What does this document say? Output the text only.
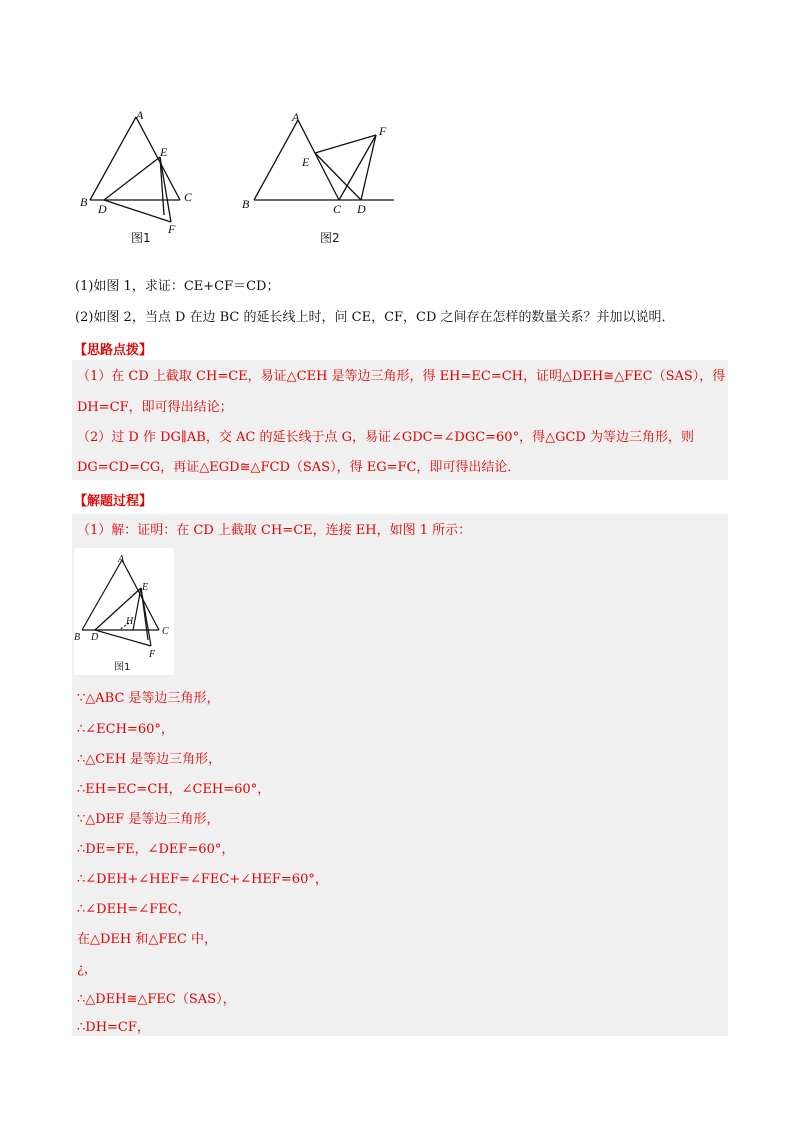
A
E
B D
C
F
图1
A
F
E
B	C D
图2
(1)如图 1，求证：CE+CF＝CD；
(2)如图 2，当点 D 在边 BC 的延长线上时，问 CE，CF，CD 之间存在怎样的数量关系？并加以说明．
【思路点拨】
（1）在 CD 上截取 CH=CE，易证△CEH 是等边三角形，得 EH=EC=CH，证明△DEH≅△FEC（SAS），得
DH=CF，即可得出结论；
（2）过 D 作 DG∥AB，交 AC 的延长线于点 G，易证∠GDC=∠DGC=60°，得△GCD 为等边三角形，则
DG=CD=CG，再证△EGD≅△FCD（SAS），得 EG=FC，即可得出结论．
【解题过程】
（1）解：证明：在 CD 上截取 CH=CE，连接 EH，如图 1 所示：
A
E
H
B D
C
F
图1
∵△ABC 是等边三角形，
∴∠ECH=60°，
∴△CEH 是等边三角形，
∴EH=EC=CH，∠CEH=60°，
∵△DEF 是等边三角形，
∴DE=FE，∠DEF=60°，
∴∠DEH+∠HEF=∠FEC+∠HEF=60°，
∴∠DEH=∠FEC，
在△DEH 和△FEC 中，
¿，
∴△DEH≅△FEC（SAS），
∴DH=CF，
